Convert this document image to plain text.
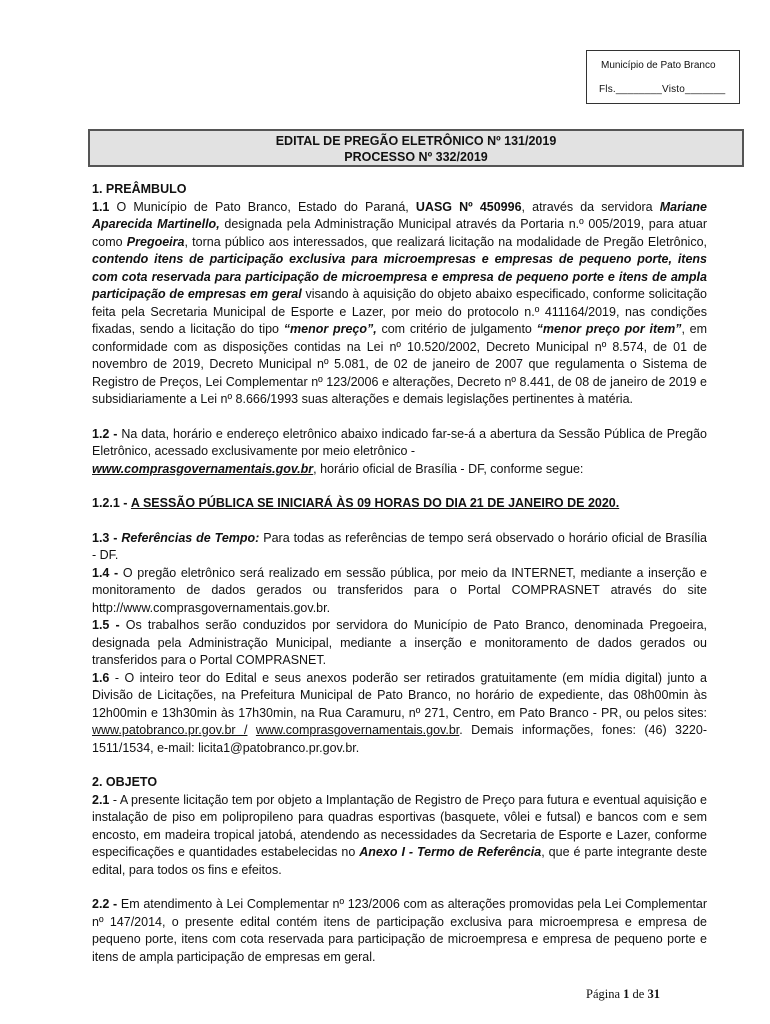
Município de Pato Branco
Fls.________Visto_______
EDITAL DE PREGÃO ELETRÔNICO Nº 131/2019
PROCESSO Nº 332/2019

1. PREÂMBULO

1.1 O Município de Pato Branco, Estado do Paraná, UASG Nº 450996, através da servidora Mariane Aparecida Martinello, designada pela Administração Municipal através da Portaria n.º 005/2019, para atuar como Pregoeira, torna público aos interessados, que realizará licitação na modalidade de Pregão Eletrônico, contendo itens de participação exclusiva para microempresas e empresas de pequeno porte, itens com cota reservada para participação de microempresa e empresa de pequeno porte e itens de ampla participação de empresas em geral visando à aquisição do objeto abaixo especificado, conforme solicitação feita pela Secretaria Municipal de Esporte e Lazer, por meio do protocolo n.º 411164/2019, nas condições fixadas, sendo a licitação do tipo “menor preço”, com critério de julgamento “menor preço por item”, em conformidade com as disposições contidas na Lei nº 10.520/2002, Decreto Municipal nº 8.574, de 01 de novembro de 2019, Decreto Municipal nº 5.081, de 02 de janeiro de 2007 que regulamenta o Sistema de Registro de Preços, Lei Complementar nº 123/2006 e alterações, Decreto nº 8.441, de 08 de janeiro de 2019 e subsidiariamente a Lei nº 8.666/1993 suas alterações e demais legislações pertinentes à matéria.

1.2 - Na data, horário e endereço eletrônico abaixo indicado far-se-á a abertura da Sessão Pública de Pregão Eletrônico, acessado exclusivamente por meio eletrônico -
www.comprasgovernamentais.gov.br, horário oficial de Brasília - DF, conforme segue:

1.2.1 - A SESSÃO PÚBLICA SE INICIARÁ ÀS 09 HORAS DO DIA 21 DE JANEIRO DE 2020.

1.3 - Referências de Tempo: Para todas as referências de tempo será observado o horário oficial de Brasília - DF.

1.4 - O pregão eletrônico será realizado em sessão pública, por meio da INTERNET, mediante a inserção e monitoramento de dados gerados ou transferidos para o Portal COMPRASNET através do site http://www.comprasgovernamentais.gov.br.

1.5 - Os trabalhos serão conduzidos por servidora do Município de Pato Branco, denominada Pregoeira, designada pela Administração Municipal, mediante a inserção e monitoramento de dados gerados ou transferidos para o Portal COMPRASNET.

1.6 - O inteiro teor do Edital e seus anexos poderão ser retirados gratuitamente (em mídia digital) junto a Divisão de Licitações, na Prefeitura Municipal de Pato Branco, no horário de expediente, das 08h00min às 12h00min e 13h30min às 17h30min, na Rua Caramuru, nº 271, Centro, em Pato Branco - PR, ou pelos sites: www.patobranco.pr.gov.br / www.comprasgovernamentais.gov.br. Demais informações, fones: (46) 3220-1511/1534, e-mail: licita1@patobranco.pr.gov.br.

2. OBJETO

2.1 - A presente licitação tem por objeto a Implantação de Registro de Preço para futura e eventual aquisição e instalação de piso em polipropileno para quadras esportivas (basquete, vôlei e futsal) e bancos com e sem encosto, em madeira tropical jatobá, atendendo as necessidades da Secretaria de Esporte e Lazer, conforme especificações e quantidades estabelecidas no Anexo I - Termo de Referência, que é parte integrante deste edital, para todos os fins e efeitos.

2.2 - Em atendimento à Lei Complementar nº 123/2006 com as alterações promovidas pela Lei Complementar nº 147/2014, o presente edital contém itens de participação exclusiva para microempresa e empresa de pequeno porte, itens com cota reservada para participação de microempresa e empresa de pequeno porte e itens de ampla participação de empresas em geral.

Página 1 de 31
